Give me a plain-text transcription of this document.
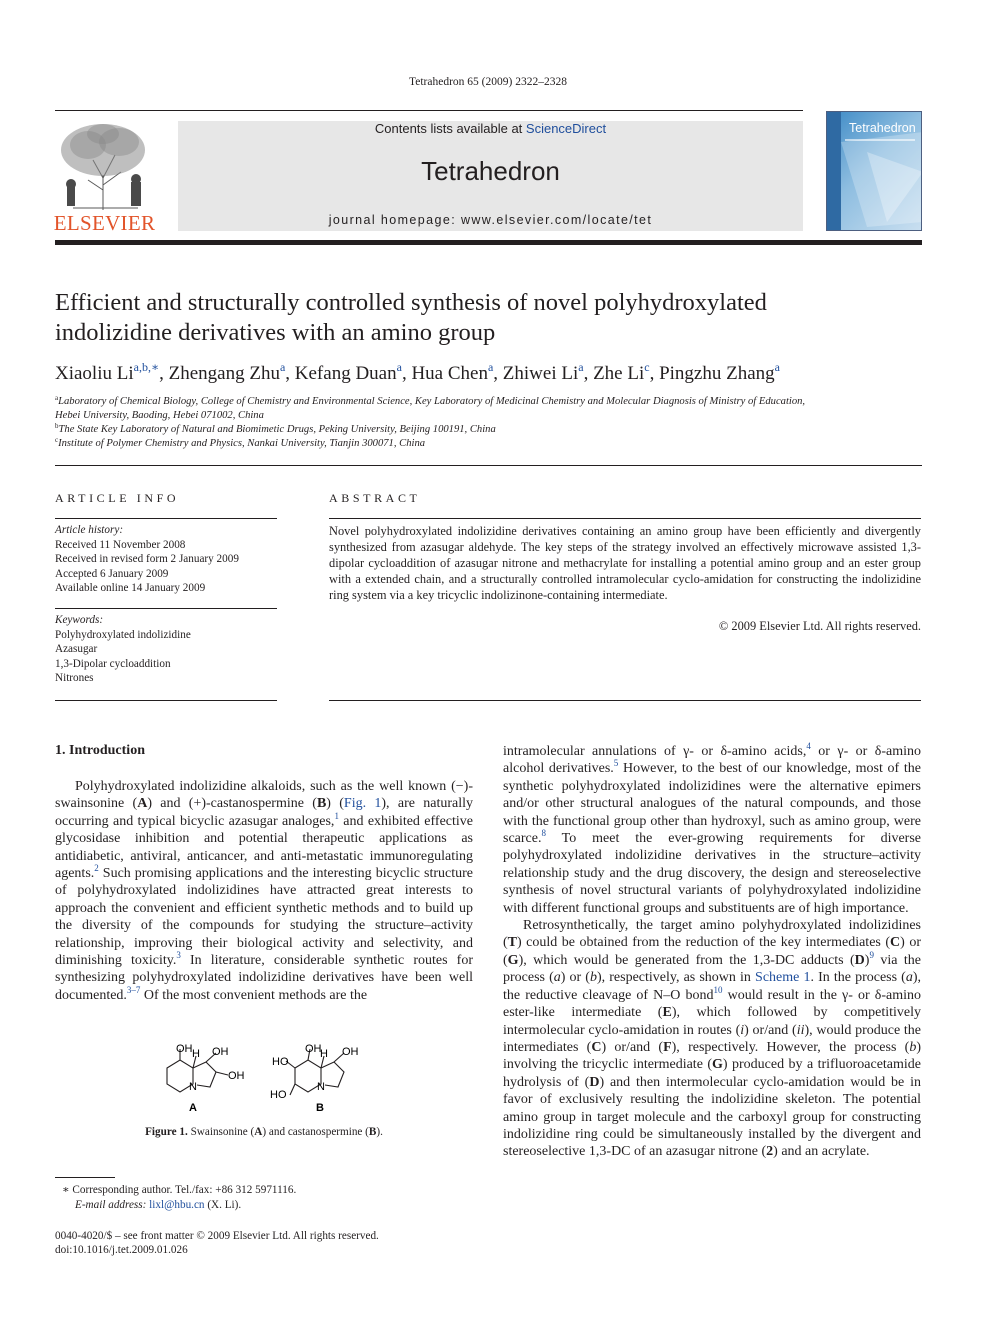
Tetrahedron 65 (2009) 2322–2328
ELSEVIER
Contents lists available at ScienceDirect
Tetrahedron
journal homepage: www.elsevier.com/locate/tet
Tetrahedron
Efficient and structurally controlled synthesis of novel polyhydroxylated
indolizidine derivatives with an amino group
Xiaoliu $Li^{a,b,∗}$, Zhengang Zhu$^a$, Kefang Duan$^a$, Hua Chen$^a$, Zhiwei Li$^a$, Zhe Li$^c$, Pingzhu Zhang$^a$
$^a$Laboratory of Chemical Biology, College of Chemistry and Environmental Science, Key Laboratory of Medicinal Chemistry and Molecular Diagnosis of Ministry of Education,
Hebei University, Baoding, Hebei 071002, China
$^b$The State Key Laboratory of Natural and Biomimetic Drugs, Peking University, Beijing 100191, China
$^c$Institute of Polymer Chemistry and Physics, Nankai University, Tianjin 300071, China
ARTICLE INFO
Article history:
Received 11 November 2008
Received in revised form 2 January 2009
Accepted 6 January 2009
Available online 14 January 2009
Keywords:
Polyhydroxylated indolizidine
Azasugar
1,3-Dipolar cycloaddition
Nitrones
ABSTRACT
Novel polyhydroxylated indolizidine derivatives containing an amino group have been efficiently and divergently synthesized from azasugar aldehyde. The key steps of the strategy involved an effectively microwave assisted 1,3-dipolar cycloaddition of azasugar nitrone and methacrylate for installing a potential amino group and an ester group with a extended chain, and a structurally controlled intramolecular cyclo-amidation for constructing the indolizidine ring system via a key tricyclic indolizinone-containing intermediate.
© 2009 Elsevier Ltd. All rights reserved.
1. Introduction

Polyhydroxylated indolizidine alkaloids, such as the well known (−)-swainsonine (A) and (+)-castanospermine (B) (Fig. 1), are naturally occurring and typical bicyclic azasugar analoges,$^1$ and exhibited effective glycosidase inhibition and potential therapeutic applications as antidiabetic, antiviral, anticancer, and anti-metastatic immunoregulating agents.$^2$ Such promising applications and the interesting bicyclic structure of polyhydroxylated indolizidines have attracted great interests to approach the convenient and efficient synthetic methods and to build up the diversity of the compounds for studying the structure–activity relationship, improving their biological activity and selectivity, and diminishing toxicity.$^3$ In literature, considerable synthetic routes for synthesizing polyhydroxylated indolizidine derivatives have been well documented.$^{3-7}$ Of the most convenient methods are the

OH H OH
OH
N
A
HO
OH
H OH
HO
N
B
Figure 1. Swainsonine (A) and castanospermine (B).
intramolecular annulations of γ- or δ-amino acids,$^4$ or γ- or δ-amino alcohol derivatives.$^5$ However, to the best of our knowledge, most of the synthetic polyhydroxylated indolizidines were the alternative epimers and/or other structural analogues of the natural compounds, and those with the functional group other than hydroxyl, such as amino group, were scarce.$^8$ To meet the ever-growing requirements for diverse polyhydroxylated indolizidine derivatives in the structure–activity relationship study and the drug discovery, the design and stereoselective synthesis of novel structural variants of polyhydroxylated indolizidine with different functional groups and substituents are of high importance.

Retrosynthetically, the target amino polyhydroxylated indolizidines (T) could be obtained from the reduction of the key intermediates (C) or (G), which would be generated from the 1,3-DC adducts $(D)^9$ via the process (a) or (b), respectively, as shown in Scheme 1. In the process (a), the reductive cleavage of N–O bond$^{10}$ would result in the γ- or δ-amino ester-like intermediate (E), which followed by competitively intermolecular cyclo-amidation in routes (i) or/and (ii), would produce the intermediates (C) or/and (F), respectively. However, the process (b) involving the tricyclic intermediate (G) produced by a trifluoroacetamide hydrolysis of (D) and then intermolecular cyclo-amidation would be in favor of exclusively resulting the indolizidine skeleton. The potential amino group in target molecule and the carboxyl group for constructing indolizidine ring could be simultaneously installed by the divergent and stereoselective 1,3-DC of an azasugar nitrone (2) and an acrylate.

∗ Corresponding author. Tel./fax: +86 312 5971116.
E-mail address: lixl@hbu.cn (X. Li).
0040-4020/$ – see front matter © 2009 Elsevier Ltd. All rights reserved.
doi:10.1016/j.tet.2009.01.026
